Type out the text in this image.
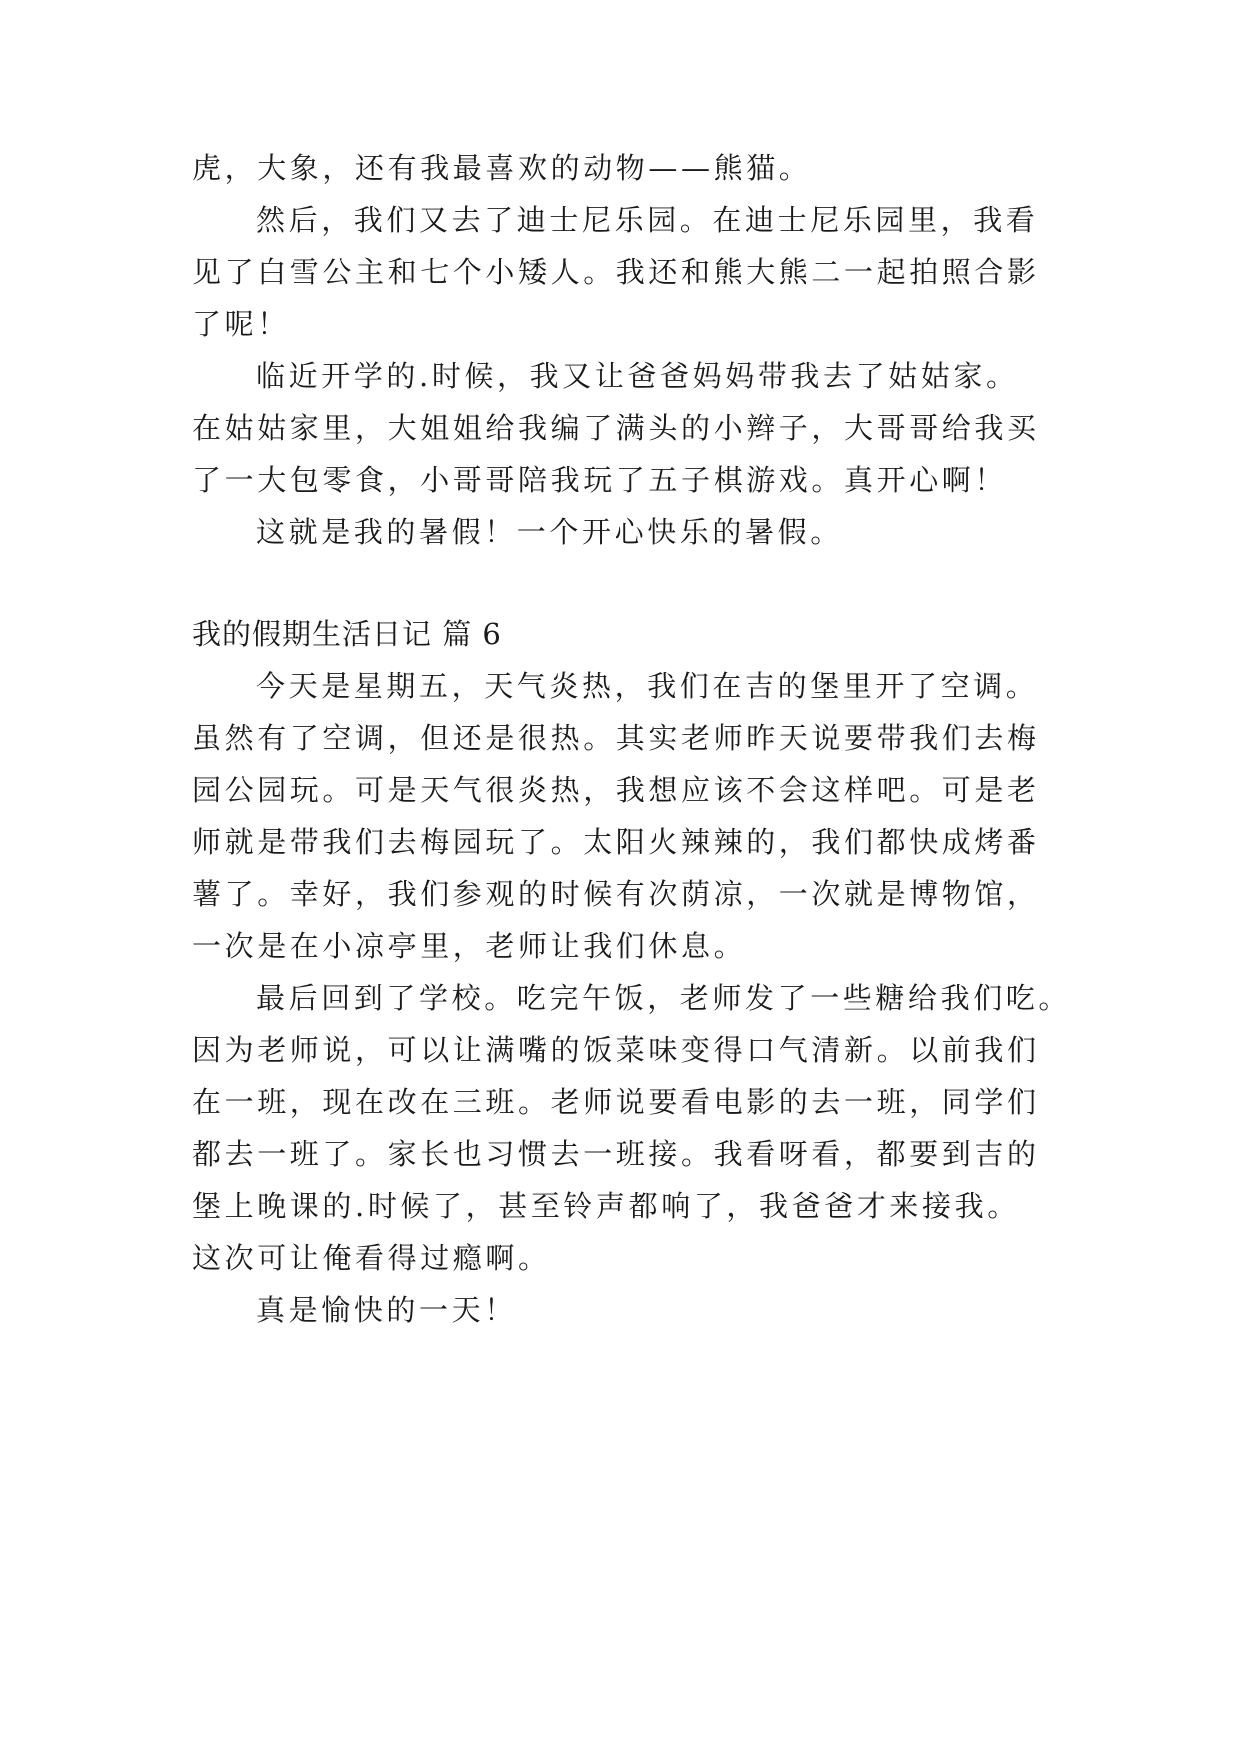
虎，大象，还有我最喜欢的动物——熊猫。
然后，我们又去了迪士尼乐园。在迪士尼乐园里，我看
见了白雪公主和七个小矮人。我还和熊大熊二一起拍照合影
了呢！
临近开学的.时候，我又让爸爸妈妈带我去了姑姑家。
在姑姑家里，大姐姐给我编了满头的小辫子，大哥哥给我买
了一大包零食，小哥哥陪我玩了五子棋游戏。真开心啊！
这就是我的暑假！一个开心快乐的暑假。
我的假期生活日记 篇 6
今天是星期五，天气炎热，我们在吉的堡里开了空调。
虽然有了空调，但还是很热。其实老师昨天说要带我们去梅
园公园玩。可是天气很炎热，我想应该不会这样吧。可是老
师就是带我们去梅园玩了。太阳火辣辣的，我们都快成烤番
薯了。幸好，我们参观的时候有次荫凉，一次就是博物馆，
一次是在小凉亭里，老师让我们休息。
最后回到了学校。吃完午饭，老师发了一些糖给我们吃。
因为老师说，可以让满嘴的饭菜味变得口气清新。以前我们
在一班，现在改在三班。老师说要看电影的去一班，同学们
都去一班了。家长也习惯去一班接。我看呀看，都要到吉的
堡上晚课的.时候了，甚至铃声都响了，我爸爸才来接我。
这次可让俺看得过瘾啊。
真是愉快的一天！
